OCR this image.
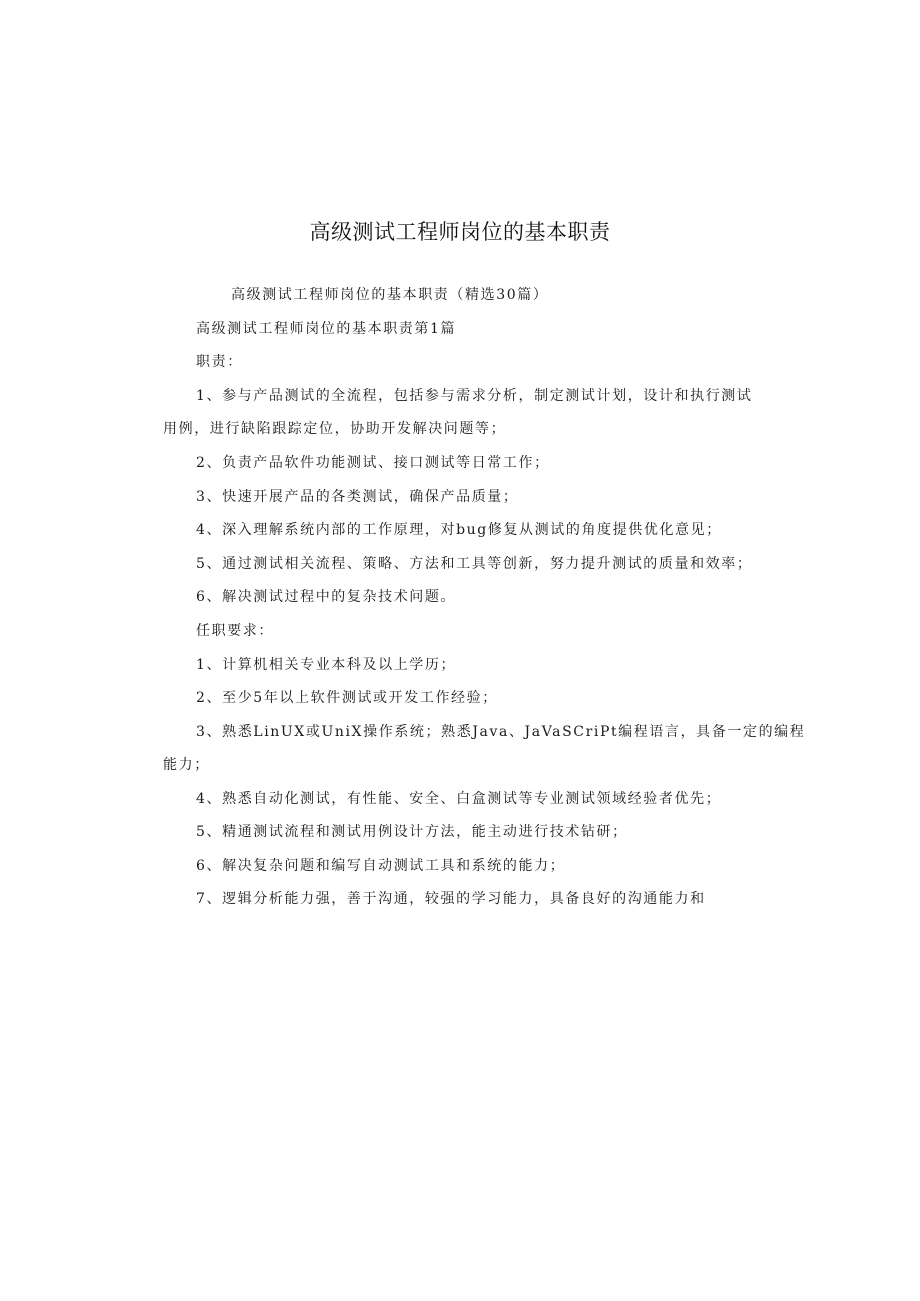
高级测试工程师岗位的基本职责
高级测试工程师岗位的基本职责（精选30篇）
高级测试工程师岗位的基本职责第1篇
职责：
1、参与产品测试的全流程，包括参与需求分析，制定测试计划，设计和执行测试
用例，进行缺陷跟踪定位，协助开发解决问题等；
2、负责产品软件功能测试、接口测试等日常工作；
3、快速开展产品的各类测试，确保产品质量；
4、深入理解系统内部的工作原理，对bug修复从测试的角度提供优化意见；
5、通过测试相关流程、策略、方法和工具等创新，努力提升测试的质量和效率；
6、解决测试过程中的复杂技术问题。
任职要求：
1、计算机相关专业本科及以上学历；
2、至少5年以上软件测试或开发工作经验；
3、熟悉LinUX或UniX操作系统；熟悉Java、JaVaSCriPt编程语言，具备一定的编程
能力；
4、熟悉自动化测试，有性能、安全、白盒测试等专业测试领域经验者优先；
5、精通测试流程和测试用例设计方法，能主动进行技术钻研；
6、解决复杂问题和编写自动测试工具和系统的能力；
7、逻辑分析能力强，善于沟通，较强的学习能力，具备良好的沟通能力和
